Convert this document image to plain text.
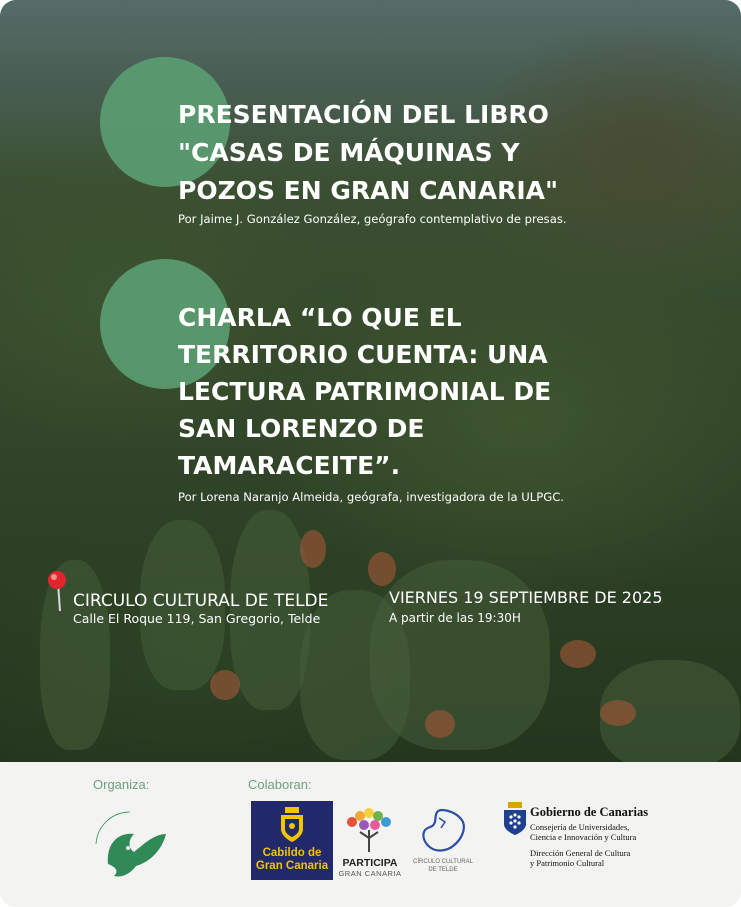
PRESENTACIÓN DEL LIBRO
"CASAS DE MÁQUINAS Y
POZOS EN GRAN CANARIA"

Por Jaime J. González González, geógrafo contemplativo de presas.

CHARLA “LO QUE EL
TERRITORIO CUENTA: UNA
LECTURA PATRIMONIAL DE
SAN LORENZO DE
TAMARACEITE”.

Por Lorena Naranjo Almeida, geógrafa, investigadora de la ULPGC.

CIRCULO CULTURAL DE TELDE
Calle El Roque 119, San Gregorio, Telde
VIERNES 19 SEPTIEMBRE DE 2025
A partir de las 19:30H
Organiza:	Colaboran:
Cabildo de
Gran Canaria	PARTICIPA
GRAN CANARIA
CÍRCULO CULTURAL
DE TELDE
Gobierno de Canarias
Consejería de Universidades,
Ciencia e Innovación y Cultura
Dirección General de Cultura
y Patrimonio Cultural
